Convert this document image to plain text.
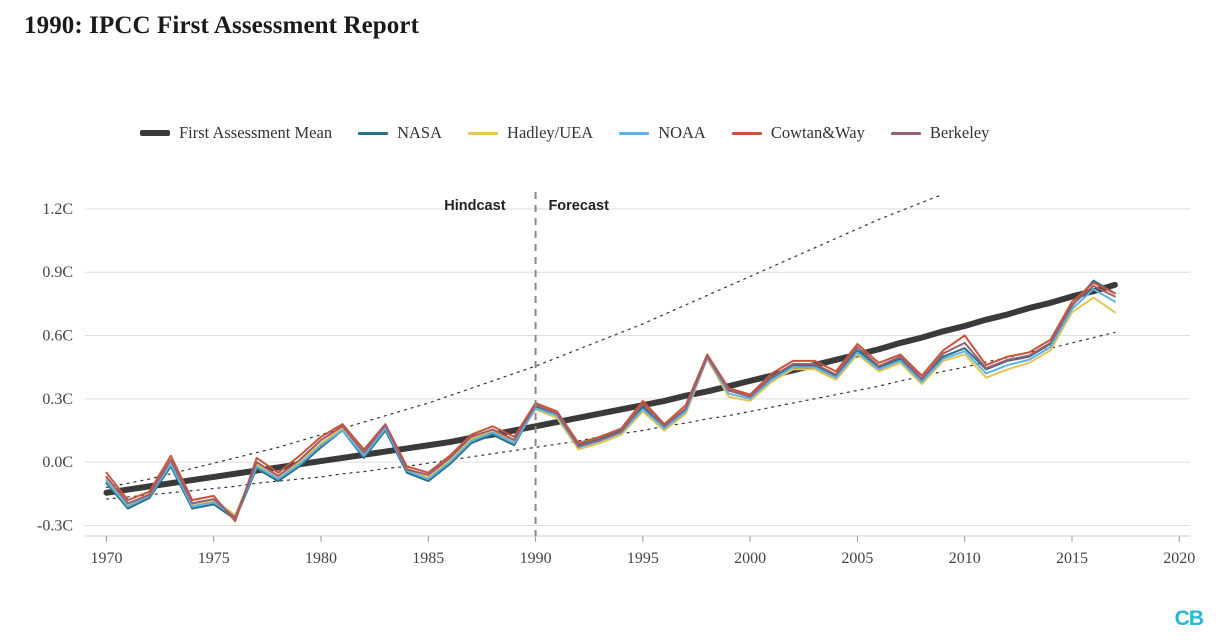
1990: IPCC First Assessment Report
First Assessment Mean	NASA	Hadley/UEA	NOAA	Cowtan&Way	Berkeley
-0.3C
0.0C
0.3C
0.6C
0.9C
1.2C
1970	1975	1980	1985	1990	1995	2000	2005	2010	2015	2020
Hindcast	Forecast
CB
